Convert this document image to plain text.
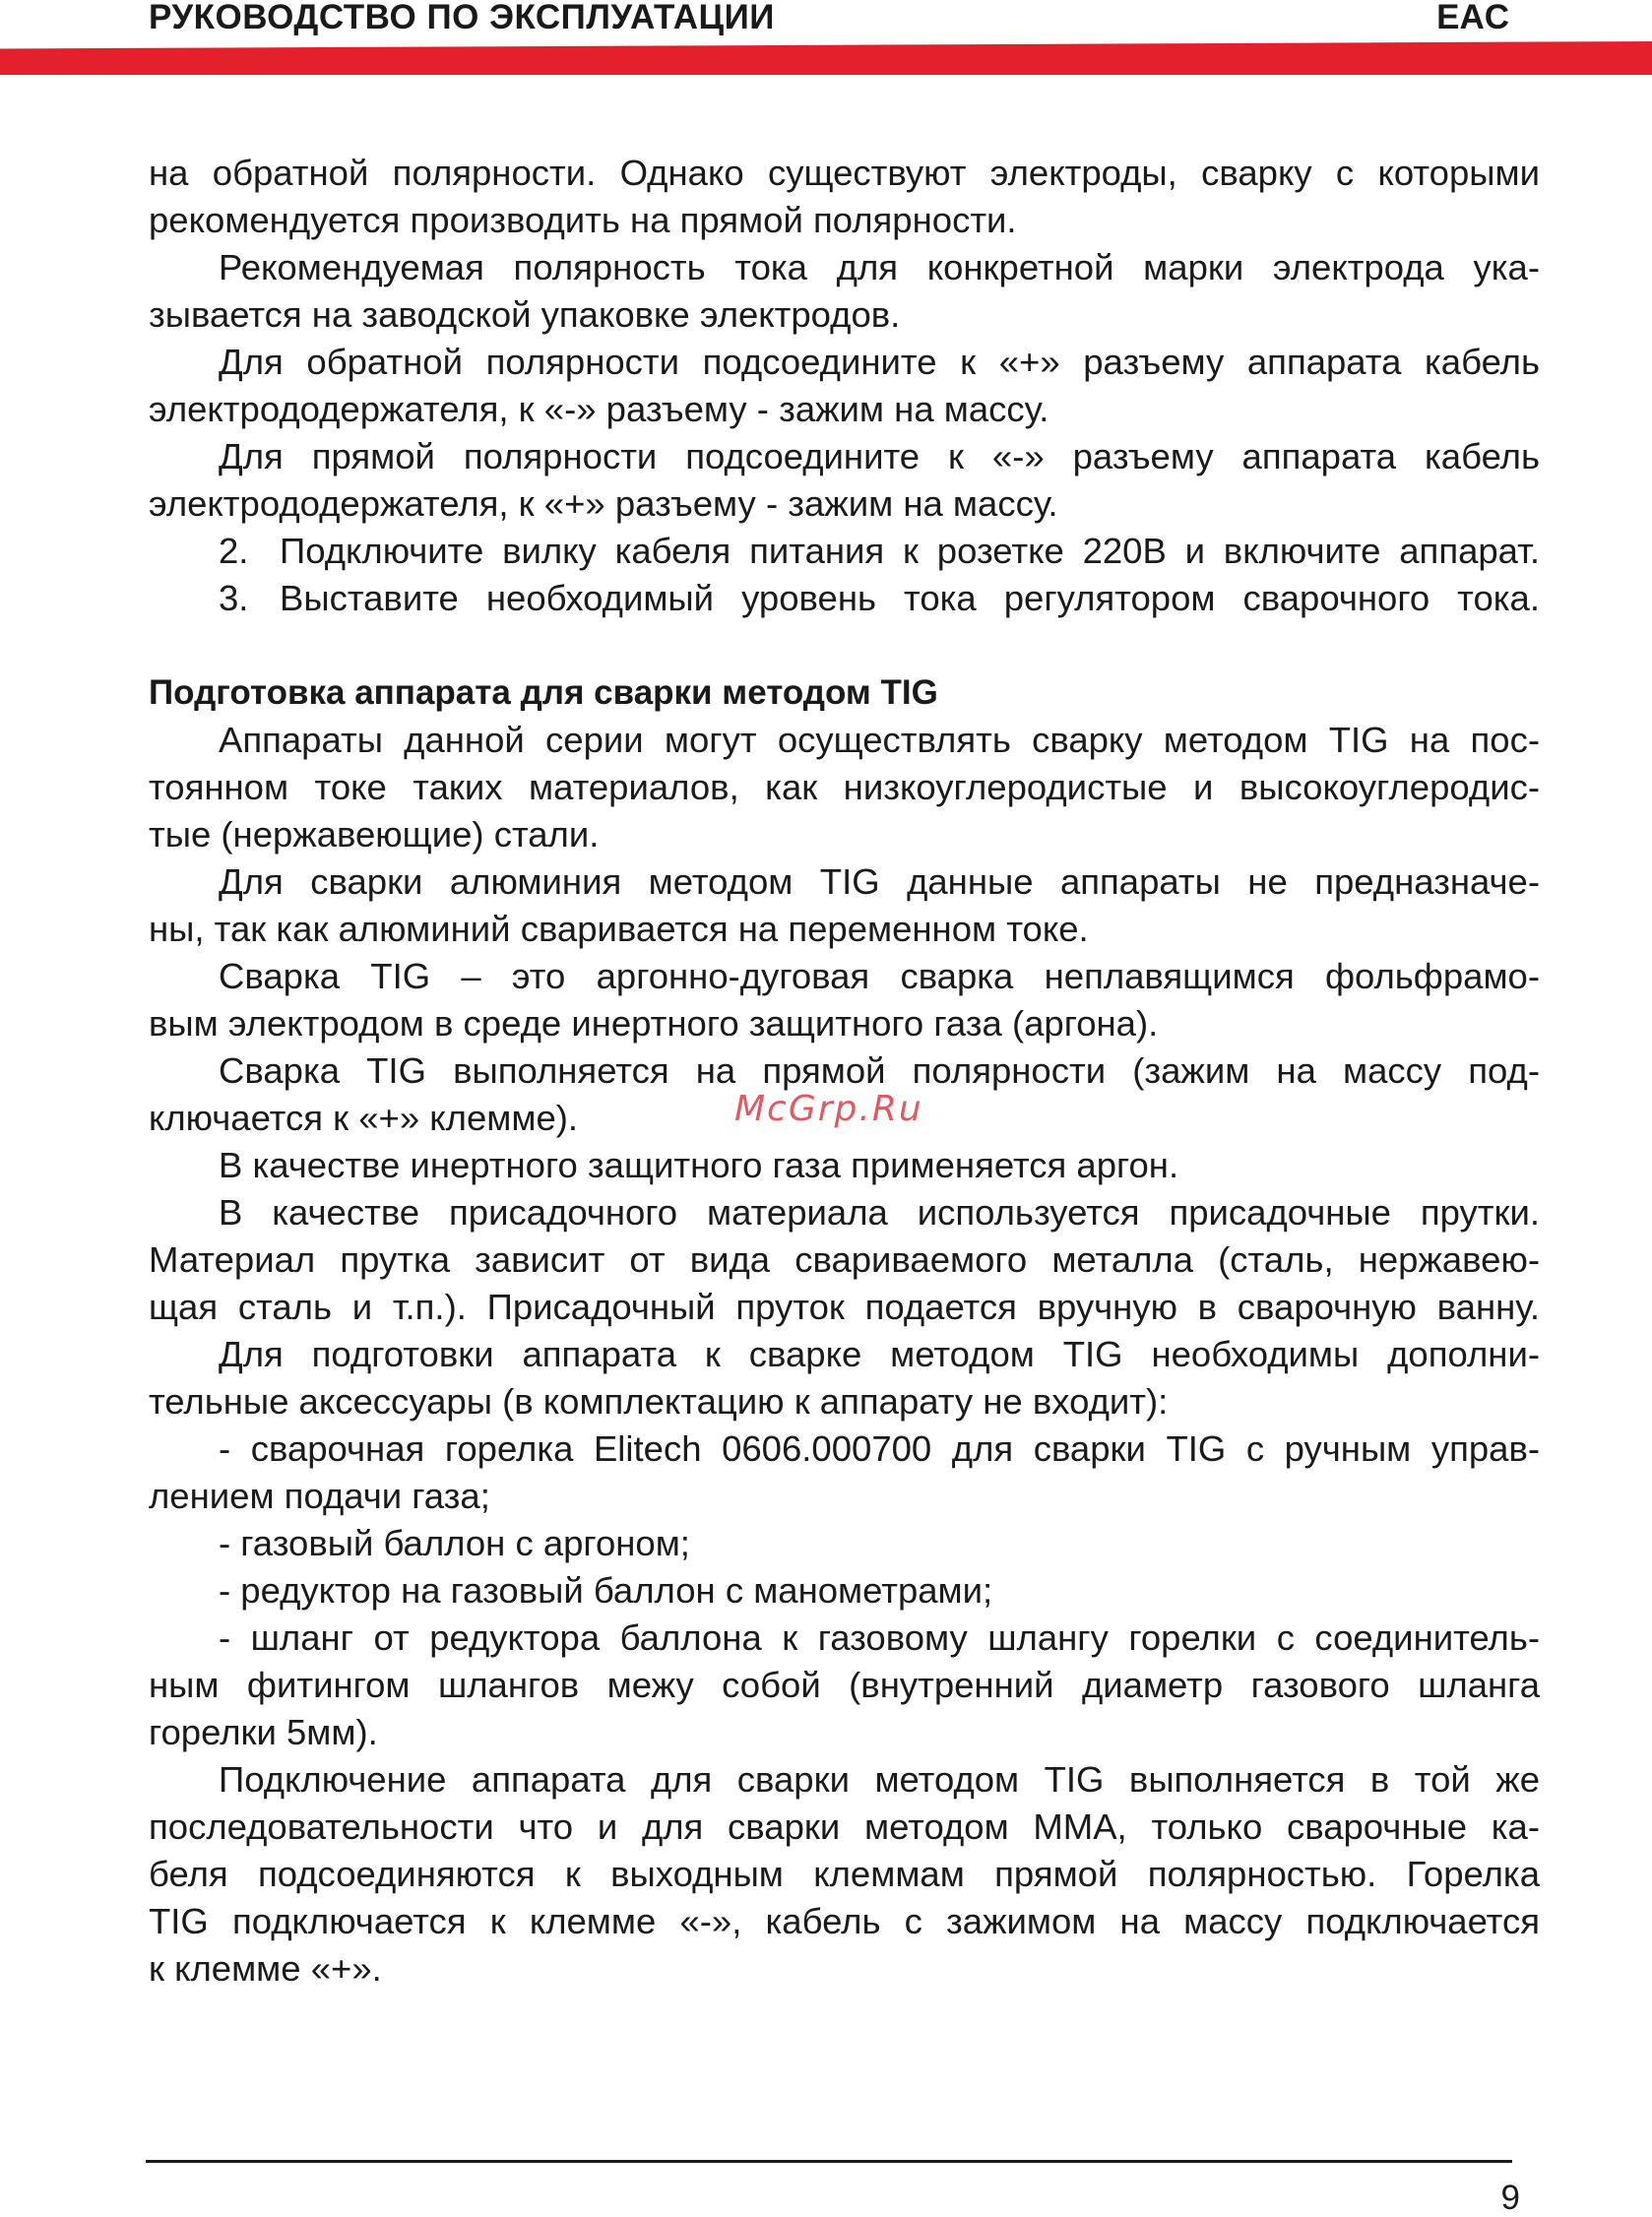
РУКОВОДСТВО ПО ЭКСПЛУАТАЦИИ	EAC
на обратной полярности. Однако существуют электроды, сварку с которыми
рекомендуется производить на прямой полярности.
Рекомендуемая полярность тока для конкретной марки электрода ука-
зывается на заводской упаковке электродов.
Для обратной полярности подсоедините к «+» разъему аппарата кабель
электрододержателя, к «-» разъему - зажим на массу.
Для прямой полярности подсоедините к «-» разъему аппарата кабель
электрододержателя, к «+» разъему - зажим на массу.
2. Подключите вилку кабеля питания к розетке 220В и включите аппарат.
3. Выставите необходимый уровень тока регулятором сварочного тока.
Подготовка аппарата для сварки методом TIG
Аппараты данной серии могут осуществлять сварку методом TIG на пос-
тоянном токе таких материалов, как низкоуглеродистые и высокоуглеродис-
тые (нержавеющие) стали.
Для сварки алюминия методом TIG данные аппараты не предназначе-
ны, так как алюминий сваривается на переменном токе.
Сварка TIG – это аргонно-дуговая сварка неплавящимся фольфрамо-
вым электродом в среде инертного защитного газа (аргона).
Сварка TIG выполняется на прямой полярности (зажим на массу под-
ключается к «+» клемме).
В качестве инертного защитного газа применяется аргон.
В качестве присадочного материала используется присадочные прутки.
Материал прутка зависит от вида свариваемого металла (сталь, нержавею-
щая сталь и т.п.). Присадочный пруток подается вручную в сварочную ванну.
Для подготовки аппарата к сварке методом TIG необходимы дополни-
тельные аксессуары (в комплектацию к аппарату не входит):
- сварочная горелка Elitech 0606.000700 для сварки TIG с ручным управ-
лением подачи газа;
- газовый баллон с аргоном;
- редуктор на газовый баллон с манометрами;
- шланг от редуктора баллона к газовому шлангу горелки с соединитель-
ным фитингом шлангов межу собой (внутренний диаметр газового шланга
горелки 5мм).
Подключение аппарата для сварки методом TIG выполняется в той же
последовательности что и для сварки методом ММА, только сварочные ка-
беля подсоединяются к выходным клеммам прямой полярностью. Горелка
TIG подключается к клемме «-», кабель с зажимом на массу подключается
к клемме «+».
McGrp.Ru
9
